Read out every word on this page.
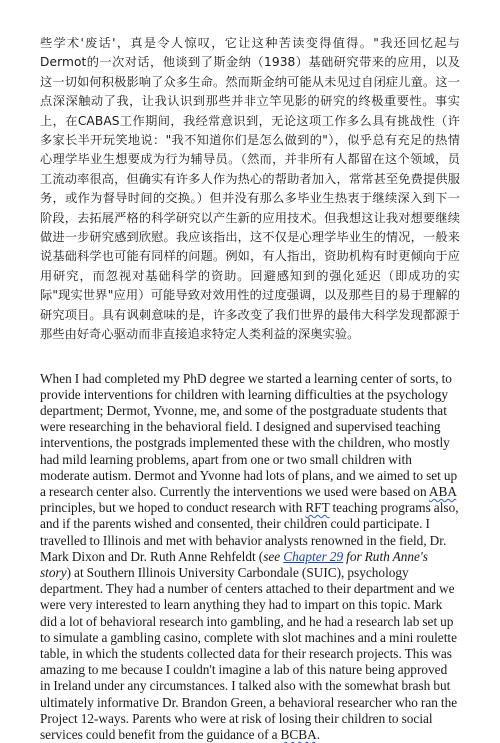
些学术'废话'，真是令人惊叹，它让这种苦读变得值得。"我还回忆起与Dermot的一次对话，他谈到了斯金纳（1938）基础研究带来的应用，以及这一切如何积极影响了众多生命。然而斯金纳可能从未见过自闭症儿童。这一点深深触动了我，让我认识到那些并非立竿见影的研究的终极重要性。事实上，在CABAS工作期间，我经常意识到，无论这项工作多么具有挑战性（许多家长半开玩笑地说："我不知道你们是怎么做到的"），似乎总有充足的热情心理学毕业生想要成为行为辅导员。（然而，并非所有人都留在这个领域，员工流动率很高，但确实有许多人作为热心的帮助者加入，常常甚至免费提供服务，或作为督导时间的交换。）但并没有那么多毕业生热衷于继续深入到下一阶段，去拓展严格的科学研究以产生新的应用技术。但我想这让我对想要继续做进一步研究感到欣慰。我应该指出，这不仅是心理学毕业生的情况，一般来说基础科学也可能有同样的问题。例如，有人指出，资助机构有时更倾向于应用研究，而忽视对基础科学的资助。回避感知到的强化延迟（即成功的实际"现实世界"应用）可能导致对效用性的过度强调，以及那些目的易于理解的研究项目。具有讽刺意味的是，许多改变了我们世界的最伟大科学发现都源于那些由好奇心驱动而非直接追求特定人类利益的深奥实验。

When I had completed my PhD degree we started a learning center of sorts, to provide interventions for children with learning difficulties at the psychology department; Dermot, Yvonne, me, and some of the postgraduate students that were researching in the behavioral field. I designed and supervised teaching interventions, the postgrads implemented these with the children, who mostly had mild learning problems, apart from one or two small children with moderate autism. Dermot and Yvonne had lots of plans, and we aimed to set up a research center also. Currently the interventions we used were based on ABA principles, but we hoped to conduct research with RFT teaching programs also, and if the parents wished and consented, their children could participate. I travelled to Illinois and met with behavior analysts renowned in the field, Dr. Mark Dixon and Dr. Ruth Anne Rehfeldt (see Chapter 29 for Ruth Anne's story) at Southern Illinois University Carbondale (SUIC), psychology department. They had a number of centers attached to their department and we were very interested to learn anything they had to impart on this topic. Mark did a lot of behavioral research into gambling, and he had a research lab set up to simulate a gambling casino, complete with slot machines and a mini roulette table, in which the students collected data for their research projects. This was amazing to me because I couldn't imagine a lab of this nature being approved in Ireland under any circumstances. I talked also with the somewhat brash but ultimately informative Dr. Brandon Green, a behavioral researcher who ran the Project 12-ways. Parents who were at risk of losing their children to social services could benefit from the guidance of a BCBA.
